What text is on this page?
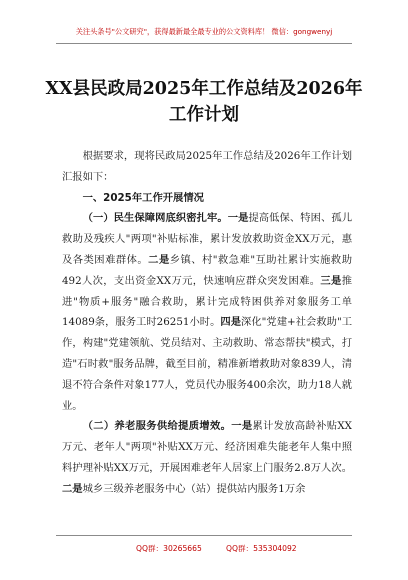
关注头条号"公文研究"，获得最新最全最专业的公文资料库！ 微信：gongwenyj
XX县民政局2025年工作总结及2026年
工作计划

根据要求，现将民政局2025年工作总结及2026年工作计划汇报如下：

一、2025年工作开展情况

（一）民生保障网底织密扎牢。一是提高低保、特困、孤儿救助及残疾人"两项"补贴标准，累计发放救助资金XX万元，惠及各类困难群体。二是乡镇、村"救急难"互助社累计实施救助492人次，支出资金XX万元，快速响应群众突发困难。三是推进"物质+服务"融合救助，累计完成特困供养对象服务工单14089条，服务工时26251小时。四是深化"党建+社会救助"工作，构建"党建领航、党员结对、主动救助、常态帮扶"模式，打造"石时救"服务品牌，截至目前，精准新增救助对象839人，清退不符合条件对象177人，党员代办服务400余次，助力18人就业。

（二）养老服务供给提质增效。一是累计发放高龄补贴XX万元、老年人"两项"补贴XX万元、经济困难失能老年人集中照料护理补贴XX万元，开展困难老年人居家上门服务2.8万人次。二是城乡三级养老服务中心（站）提供站内服务1万余

QQ群：30265665	QQ群：535304092
